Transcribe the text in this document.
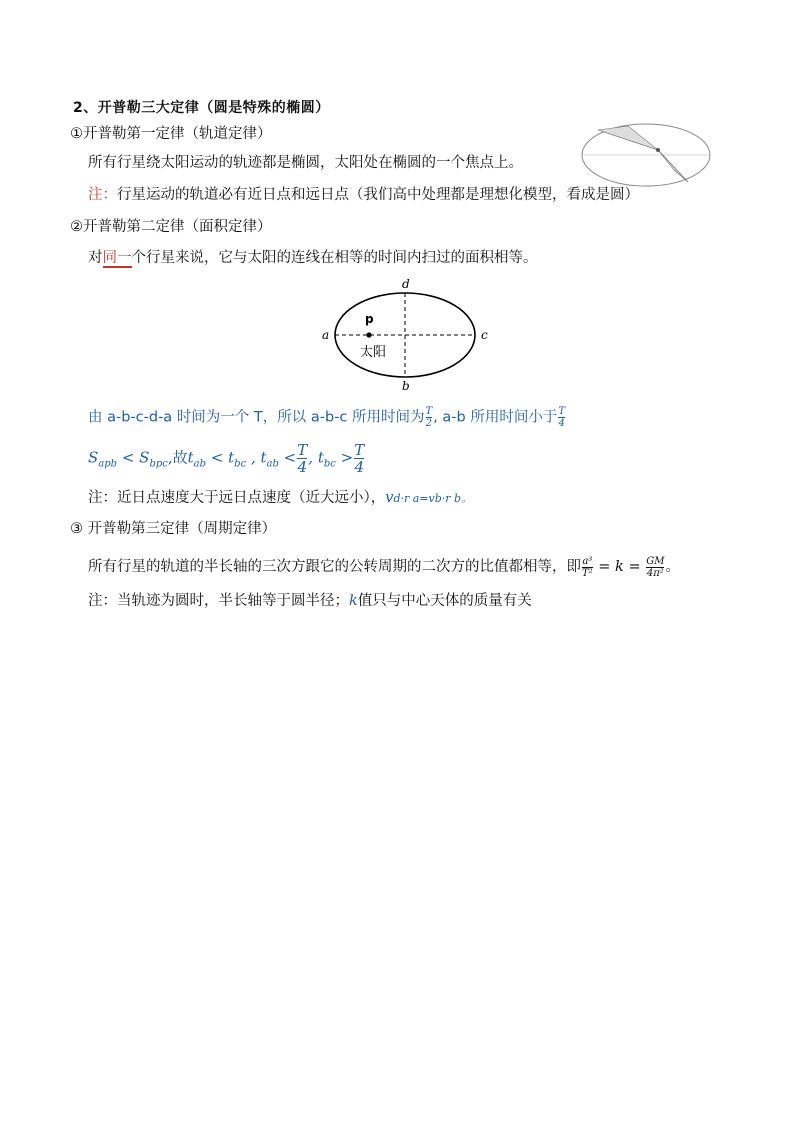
2、开普勒三大定律（圆是特殊的椭圆）
①开普勒第一定律（轨道定律）
所有行星绕太阳运动的轨迹都是椭圆，太阳处在椭圆的一个焦点上。
注：行星运动的轨道必有近日点和远日点（我们高中处理都是理想化模型，看成是圆）
②开普勒第二定律（面积定律）
对同一个行星来说，它与太阳的连线在相等的时间内扫过的面积相等。
a	c
d
b
p
太阳
由 a-b-c-d-a 时间为一个 T，所以 a-b-c 所用时间为 $\frac{T}{2}$ , a-b 所用时间小于 $\frac{T}{4}$
$S_{apb} < S_{bpc}$,故$t_{ab} < t_{bc}$ , $t_{ab} < \frac{T}{4}$ , $t_{bc} > \frac{T}{4}$
注：近日点速度大于远日点速度（近大远小），vd·r a=vb·r b。
③ 开普勒第三定律（周期定律）
所有行星的轨道的半长轴的三次方跟它的公转周期的二次方的比值都相等，即 $\frac{\text{a³}}{\text{T²}} = k = \frac{GM}{\text{4π²}}$ 。
注：当轨迹为圆时，半长轴等于圆半径；k值只与中心天体的质量有关
